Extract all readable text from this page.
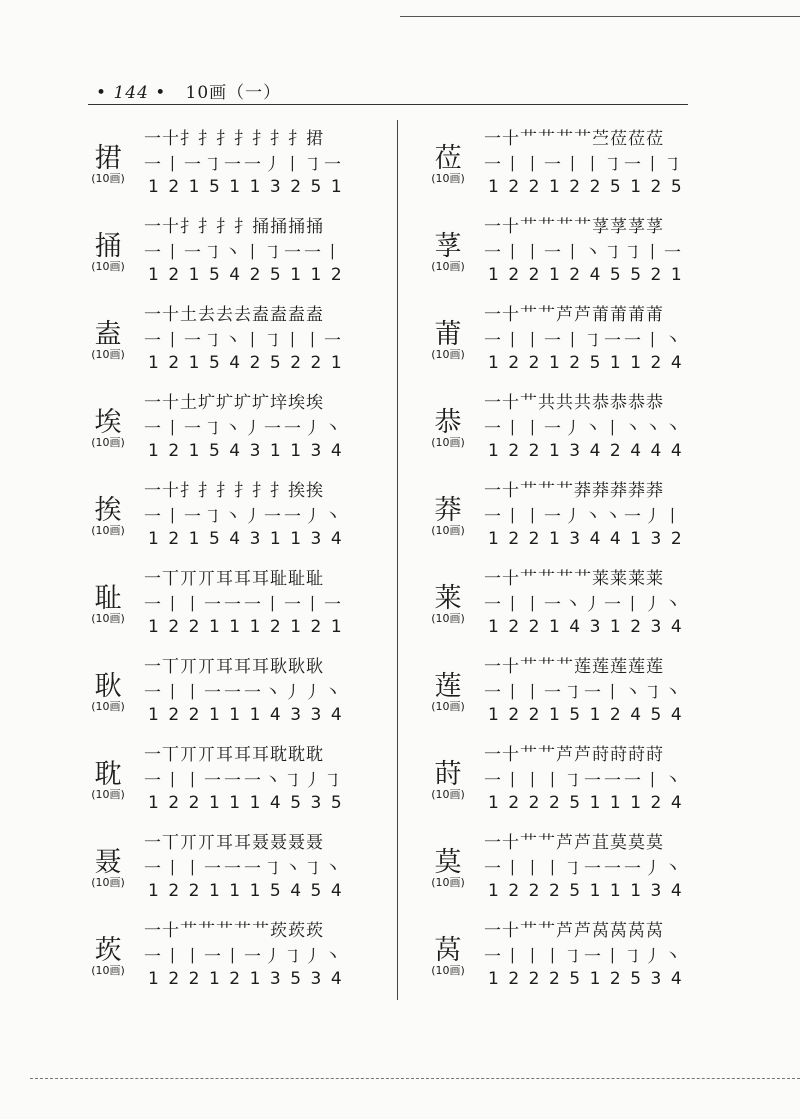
• 144 •   10画（一）
捃
(10画)
一十扌扌扌扌扌扌扌捃
一丨一㇆一一丿丨㇆一
1215113251
捅
(10画)
一十扌扌扌扌捅捅捅捅
一丨一㇆丶丨㇆一一丨
1215425112
盍
(10画)
一十土去去去盍盍盍盍
一丨一㇆丶丨㇆丨丨一
1215425221
埃
(10画)
一十土圹圹圹圹垶埃埃
一丨一㇆丶丿一一丿丶
1215431134
挨
(10画)
一十扌扌扌扌扌扌挨挨
一丨一㇆丶丿一一丿丶
1215431134
耻
(10画)
一丅丌丌耳耳耳耻耻耻
一丨丨一一一丨一丨一
1221112121
耿
(10画)
一丅丌丌耳耳耳耿耿耿
一丨丨一一一丶丿丿丶
1221114334
耽
(10画)
一丅丌丌耳耳耳耽耽耽
一丨丨一一一丶㇆丿㇆
1221114535
聂
(10画)
一丅丌丌耳耳聂聂聂聂
一丨丨一一一㇆丶㇆丶
1221115454
莰
(10画)
一十艹艹艹艹艹莰莰莰
一丨丨一丨一丿㇆丿丶
1221213534
莅
(10画)
一十艹艹艹艹苎莅莅莅
一丨丨一丨丨㇆一丨㇆
1221225125
莩
(10画)
一十艹艹艹艹莩莩莩莩
一丨丨一丨丶㇆㇆丨一
1221245521
莆
(10画)
一十艹艹芦芦莆莆莆莆
一丨丨一丨㇆一一丨丶
1221251124
恭
(10画)
一十艹共共共恭恭恭恭
一丨丨一丿丶丨丶丶丶
1221342444
莽
(10画)
一十艹艹艹莽莽莽莽莽
一丨丨一丿丶丶一丿丨
1221344132
莱
(10画)
一十艹艹艹艹莱莱莱莱
一丨丨一丶丿一丨丿丶
1221431234
莲
(10画)
一十艹艹艹莲莲莲莲莲
一丨丨一㇆一丨丶㇆丶
1221512454
莳
(10画)
一十艹艹芦芦莳莳莳莳
一丨丨丨㇆一一一丨丶
1222511124
莫
(10画)
一十艹艹芦芦苴莫莫莫
一丨丨丨㇆一一一丿丶
1222511134
莴
(10画)
一十艹艹芦芦莴莴莴莴
一丨丨丨㇆一丨㇆丿丶
1222512534
